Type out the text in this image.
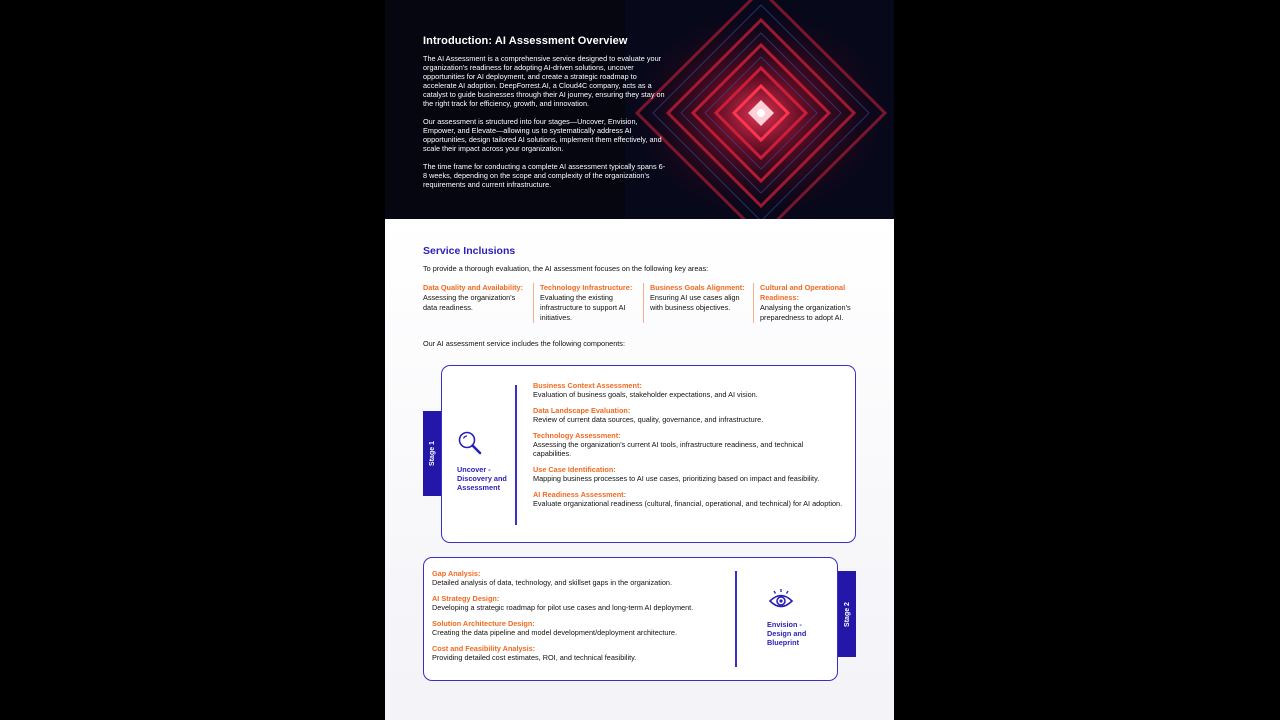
Introduction: AI Assessment Overview

The AI Assessment is a comprehensive service designed to evaluate your organization's readiness for adopting AI-driven solutions, uncover opportunities for AI deployment, and create a strategic roadmap to accelerate AI adoption. DeepForrest.AI, a Cloud4C company, acts as a catalyst to guide businesses through their AI journey, ensuring they stay on the right track for efficiency, growth, and innovation.

Our assessment is structured into four stages—Uncover, Envision, Empower, and Elevate—allowing us to systematically address AI opportunities, design tailored AI solutions, implement them effectively, and scale their impact across your organization.

The time frame for conducting a complete AI assessment typically spans 6-8 weeks, depending on the scope and complexity of the organization's requirements and current infrastructure.

Service Inclusions
To provide a thorough evaluation, the AI assessment focuses on the following key areas:
Data Quality and Availability:
Assessing the organization's data readiness.
Technology Infrastructure:
Evaluating the existing infrastructure to support AI initiatives.
Business Goals Alignment:
Ensuring AI use cases align with business objectives.
Cultural and Operational Readiness:
Analysing the organization's preparedness to adopt AI.
Our AI assessment service includes the following components:
Stage 1
Uncover - Discovery and Assessment
Business Context Assessment:
Evaluation of business goals, stakeholder expectations, and AI vision.
Data Landscape Evaluation:
Review of current data sources, quality, governance, and infrastructure.
Technology Assessment:
Assessing the organization's current AI tools, infrastructure readiness, and technical capabilities.
Use Case Identification:
Mapping business processes to AI use cases, prioritizing based on impact and feasibility.
AI Readiness Assessment:
Evaluate organizational readiness (cultural, financial, operational, and technical) for AI adoption.
Stage 2
Envision - Design and Blueprint
Gap Analysis:
Detailed analysis of data, technology, and skillset gaps in the organization.
AI Strategy Design:
Developing a strategic roadmap for pilot use cases and long-term AI deployment.
Solution Architecture Design:
Creating the data pipeline and model development/deployment architecture.
Cost and Feasibility Analysis:
Providing detailed cost estimates, ROI, and technical feasibility.
